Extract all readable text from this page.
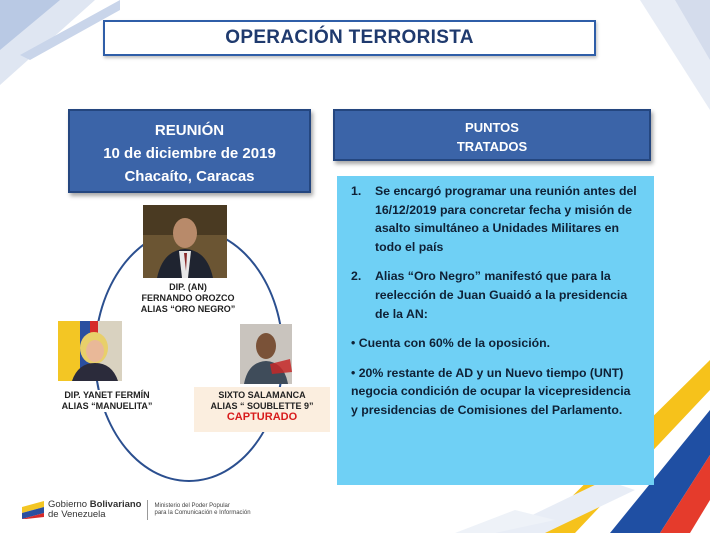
OPERACIÓN TERRORISTA
REUNIÓN
10 de diciembre de 2019
Chacaíto, Caracas
PUNTOS
TRATADOS
DIP. (AN)
FERNANDO OROZCO
ALIAS “ORO NEGRO”
DIP. YANET FERMÍN
ALIAS “MANUELITA”
SIXTO SALAMANCA
ALIAS “ SOUBLETTE 9”
CAPTURADO
1.	Se encargó programar una reunión antes del 16/12/2019 para concretar fecha y misión de asalto simultáneo a Unidades Militares en todo el país
2.	Alias “Oro Negro” manifestó que para la reelección de Juan Guaidó a la presidencia de la AN:
• Cuenta con 60% de la oposición.
• 20% restante de AD y un Nuevo tiempo (UNT) negocia condición de ocupar la vicepresidencia y presidencias de Comisiones del Parlamento.
Gobierno Bolivariano
de Venezuela
Ministerio del Poder Popular
para la Comunicación e Información
